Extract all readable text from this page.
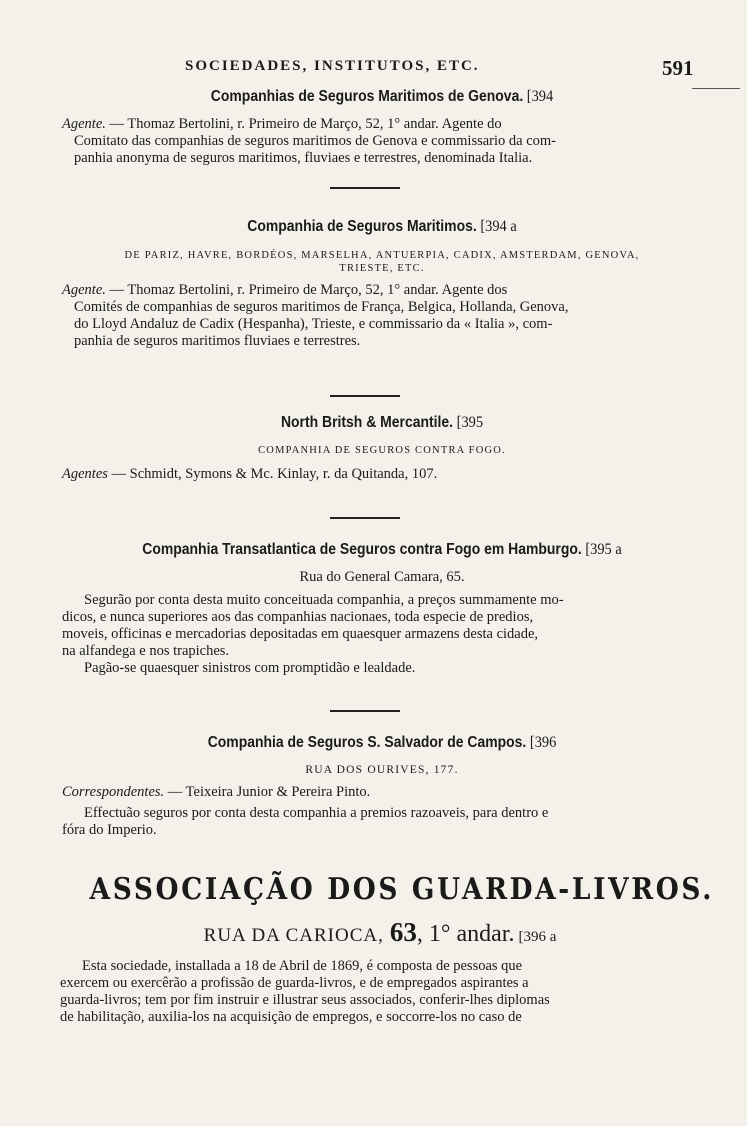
SOCIEDADES, INSTITUTOS, ETC.	591
Companhias de Seguros Maritimos de Genova. [394
Agente. — Thomaz Bertolini, r. Primeiro de Março, 52, 1° andar. Agente do
Comitato das companhias de seguros maritimos de Genova e commissario da com-
panhia anonyma de seguros maritimos, fluviaes e terrestres, denominada Italia.
Companhia de Seguros Maritimos. [394 a
DE PARIZ, HAVRE, BORDÉOS, MARSELHA, ANTUERPIA, CADIX, AMSTERDAM, GENOVA,
TRIESTE, ETC.
Agente. — Thomaz Bertolini, r. Primeiro de Março, 52, 1° andar. Agente dos
Comités de companhias de seguros maritimos de França, Belgica, Hollanda, Genova,
do Lloyd Andaluz de Cadix (Hespanha), Trieste, e commissario da « Italia », com-
panhia de seguros maritimos fluviaes e terrestres.
North Britsh & Mercantile. [395
COMPANHIA DE SEGUROS CONTRA FOGO.
Agentes — Schmidt, Symons & Mc. Kinlay, r. da Quitanda, 107.
Companhia Transatlantica de Seguros contra Fogo em Hamburgo. [395 a
Rua do General Camara, 65.
Segurão por conta desta muito conceituada companhia, a preços summamente mo-
dicos, e nunca superiores aos das companhias nacionaes, toda especie de predios,
moveis, officinas e mercadorias depositadas em quaesquer armazens desta cidade,
na alfandega e nos trapiches.
Pagão-se quaesquer sinistros com promptidão e lealdade.
Companhia de Seguros S. Salvador de Campos. [396
RUA DOS OURIVES, 177.
Correspondentes. — Teixeira Junior & Pereira Pinto.
Effectuão seguros por conta desta companhia a premios razoaveis, para dentro e
fóra do Imperio.
ASSOCIAÇÃO DOS GUARDA-LIVROS.
RUA DA CARIOCA, 63, 1° andar. [396 a
Esta sociedade, installada a 18 de Abril de 1869, é composta de pessoas que
exercem ou exercêrão a profissão de guarda-livros, e de empregados aspirantes a
guarda-livros; tem por fim instruir e illustrar seus associados, conferir-lhes diplomas
de habilitação, auxilia-los na acquisição de empregos, e soccorre-los no caso de
